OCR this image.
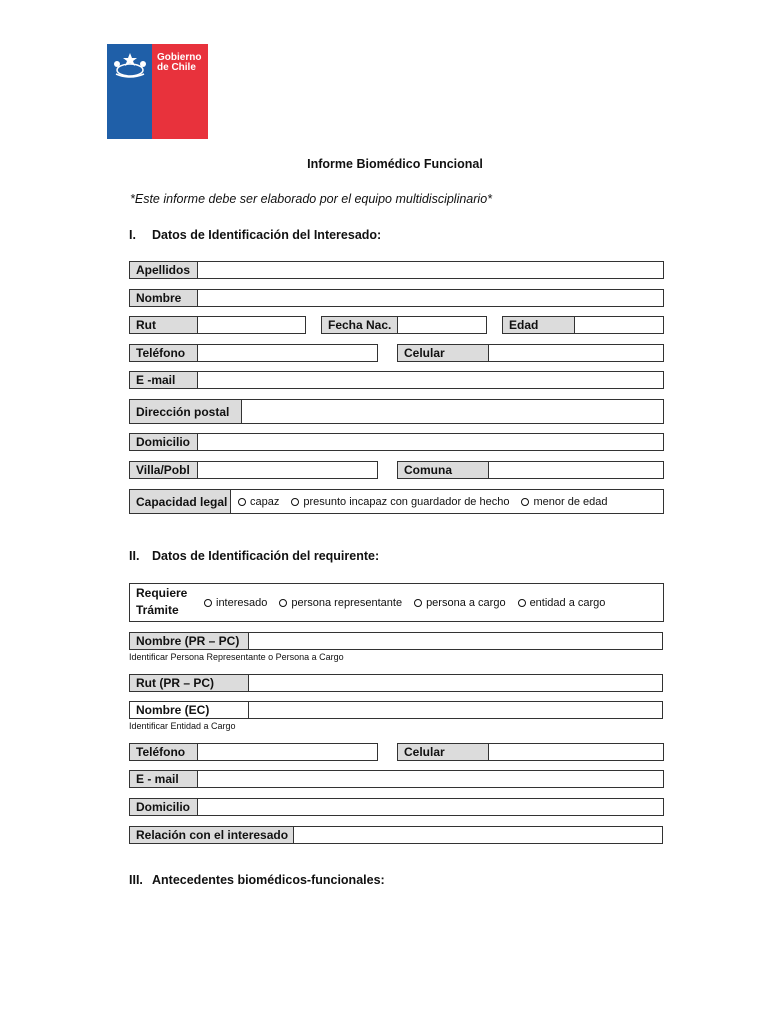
Gobierno
de Chile
Informe Biomédico Funcional
*Este informe debe ser elaborado por el equipo multidisciplinario*
I. Datos de Identificación del Interesado:
Apellidos
Nombre
Rut	Fecha Nac.	Edad
Teléfono	Celular
E -mail
Dirección postal
Domicilio
Villa/Pobl	Comuna
Capacidad legal	capaz presunto incapaz con guardador de hecho menor de edad
II. Datos de Identificación del requirente:
Requiere
Trámite
interesado persona representante persona a cargo entidad a cargo
Nombre (PR – PC)
Identificar Persona Representante o Persona a Cargo
Rut (PR – PC)
Nombre (EC)
Identificar Entidad a Cargo
Teléfono	Celular
E - mail
Domicilio
Relación con el interesado
III. Antecedentes biomédicos-funcionales:
